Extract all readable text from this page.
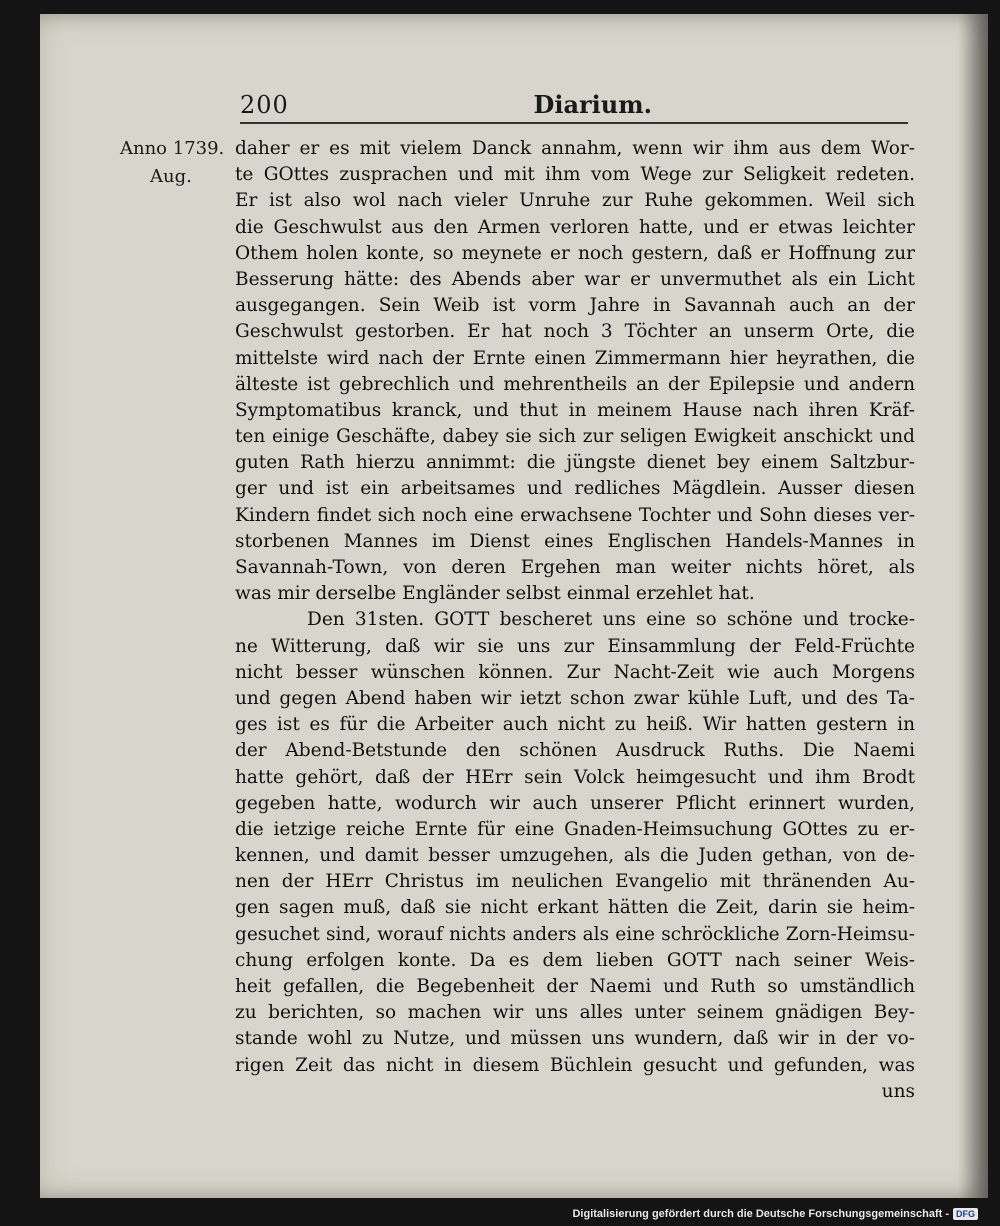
200	Diarium.
Anno 1739.
Aug.
daher er es mit vielem Danck annahm, wenn wir ihm aus dem Wor-
te GOttes zusprachen und mit ihm vom Wege zur Seligkeit redeten.
Er ist also wol nach vieler Unruhe zur Ruhe gekommen. Weil sich
die Geschwulst aus den Armen verloren hatte, und er etwas leichter
Othem holen konte, so meynete er noch gestern, daß er Hoffnung zur
Besserung hätte: des Abends aber war er unvermuthet als ein Licht
ausgegangen. Sein Weib ist vorm Jahre in Savannah auch an der
Geschwulst gestorben. Er hat noch 3 Töchter an unserm Orte, die
mittelste wird nach der Ernte einen Zimmermann hier heyrathen, die
älteste ist gebrechlich und mehrentheils an der Epilepsie und andern
Symptomatibus kranck, und thut in meinem Hause nach ihren Kräf-
ten einige Geschäfte, dabey sie sich zur seligen Ewigkeit anschickt und
guten Rath hierzu annimmt: die jüngste dienet bey einem Saltzbur-
ger und ist ein arbeitsames und redliches Mägdlein. Ausser diesen
Kindern findet sich noch eine erwachsene Tochter und Sohn dieses ver-
storbenen Mannes im Dienst eines Englischen Handels-Mannes in
Savannah-Town, von deren Ergehen man weiter nichts höret, als
was mir derselbe Engländer selbst einmal erzehlet hat.
Den 31sten. GOTT bescheret uns eine so schöne und trocke-
ne Witterung, daß wir sie uns zur Einsammlung der Feld-Früchte
nicht besser wünschen können. Zur Nacht-Zeit wie auch Morgens
und gegen Abend haben wir ietzt schon zwar kühle Luft, und des Ta-
ges ist es für die Arbeiter auch nicht zu heiß. Wir hatten gestern in
der Abend-Betstunde den schönen Ausdruck Ruths. Die Naemi
hatte gehört, daß der HErr sein Volck heimgesucht und ihm Brodt
gegeben hatte, wodurch wir auch unserer Pflicht erinnert wurden,
die ietzige reiche Ernte für eine Gnaden-Heimsuchung GOttes zu er-
kennen, und damit besser umzugehen, als die Juden gethan, von de-
nen der HErr Christus im neulichen Evangelio mit thränenden Au-
gen sagen muß, daß sie nicht erkant hätten die Zeit, darin sie heim-
gesuchet sind, worauf nichts anders als eine schröckliche Zorn-Heimsu-
chung erfolgen konte. Da es dem lieben GOTT nach seiner Weis-
heit gefallen, die Begebenheit der Naemi und Ruth so umständlich
zu berichten, so machen wir uns alles unter seinem gnädigen Bey-
stande wohl zu Nutze, und müssen uns wundern, daß wir in der vo-
rigen Zeit das nicht in diesem Büchlein gesucht und gefunden, was
uns
Digitalisierung gefördert durch die Deutsche Forschungsgemeinschaft - DFG
